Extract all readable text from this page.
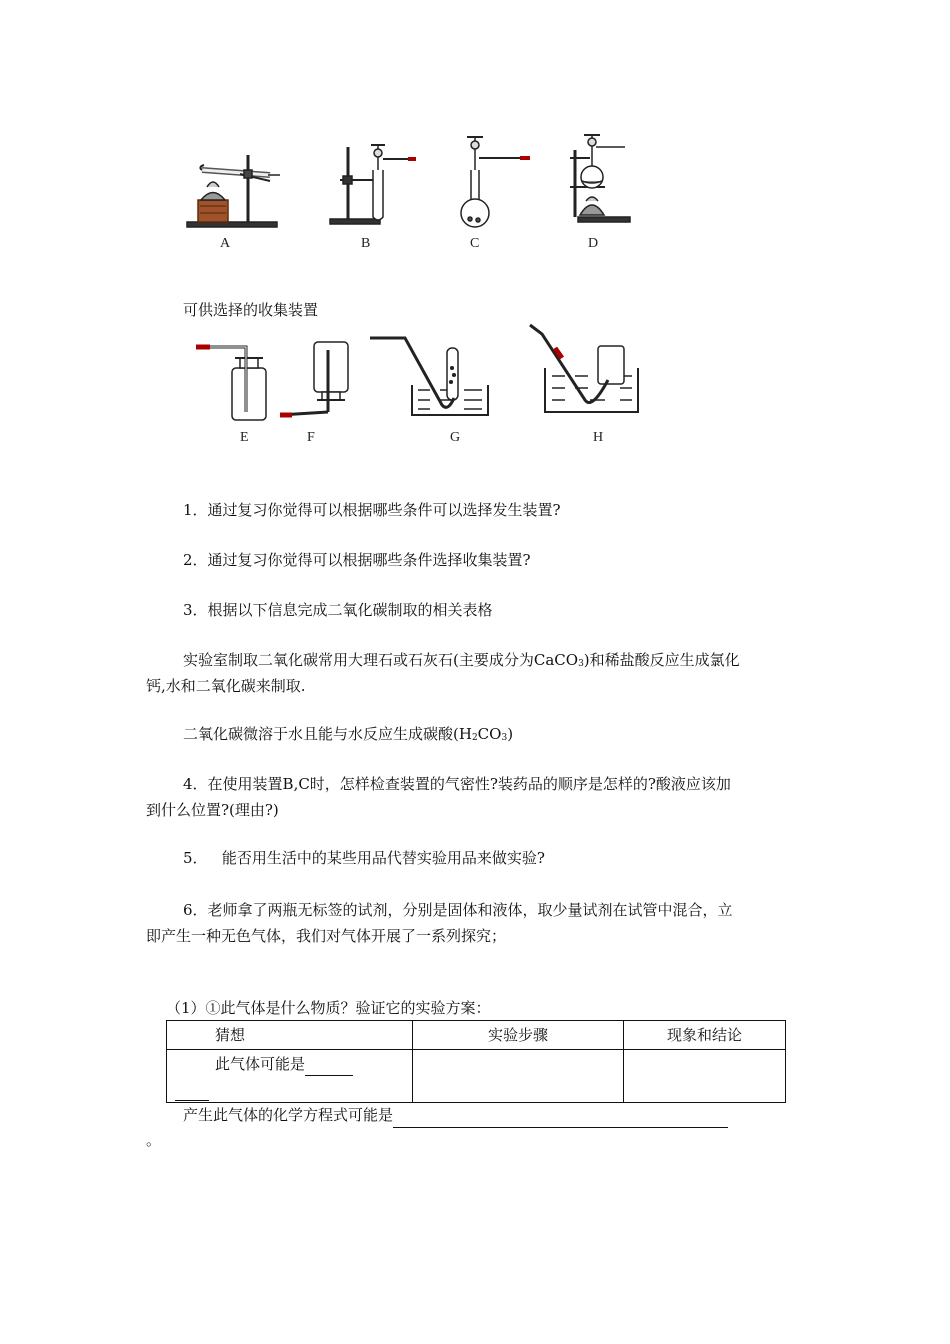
A	B	C	D
可供选择的收集装置
E	F	G	H
1．通过复习你觉得可以根据哪些条件可以选择发生装置?
2．通过复习你觉得可以根据哪些条件选择收集装置?
3．根据以下信息完成二氧化碳制取的相关表格
实验室制取二氧化碳常用大理石或石灰石(主要成分为CaCO$_3$)和稀盐酸反应生成氯化
钙,水和二氧化碳来制取.
二氧化碳微溶于水且能与水反应生成碳酸$(H_2CO_3)$
4．在使用装置B,C时，怎样检查装置的气密性?装药品的顺序是怎样的?酸液应该加
到什么位置?(理由?)
5．   能否用生活中的某些用品代替实验用品来做实验?
6．老师拿了两瓶无标签的试剂，分别是固体和液体，取少量试剂在试管中混合，立
即产生一种无色气体，我们对气体开展了一系列探究；
（1）①此气体是什么物质？验证它的实验方案：
猜想	实验步骤	现象和结论
此气体可能是

产生此气体的化学方程式可能是
。
